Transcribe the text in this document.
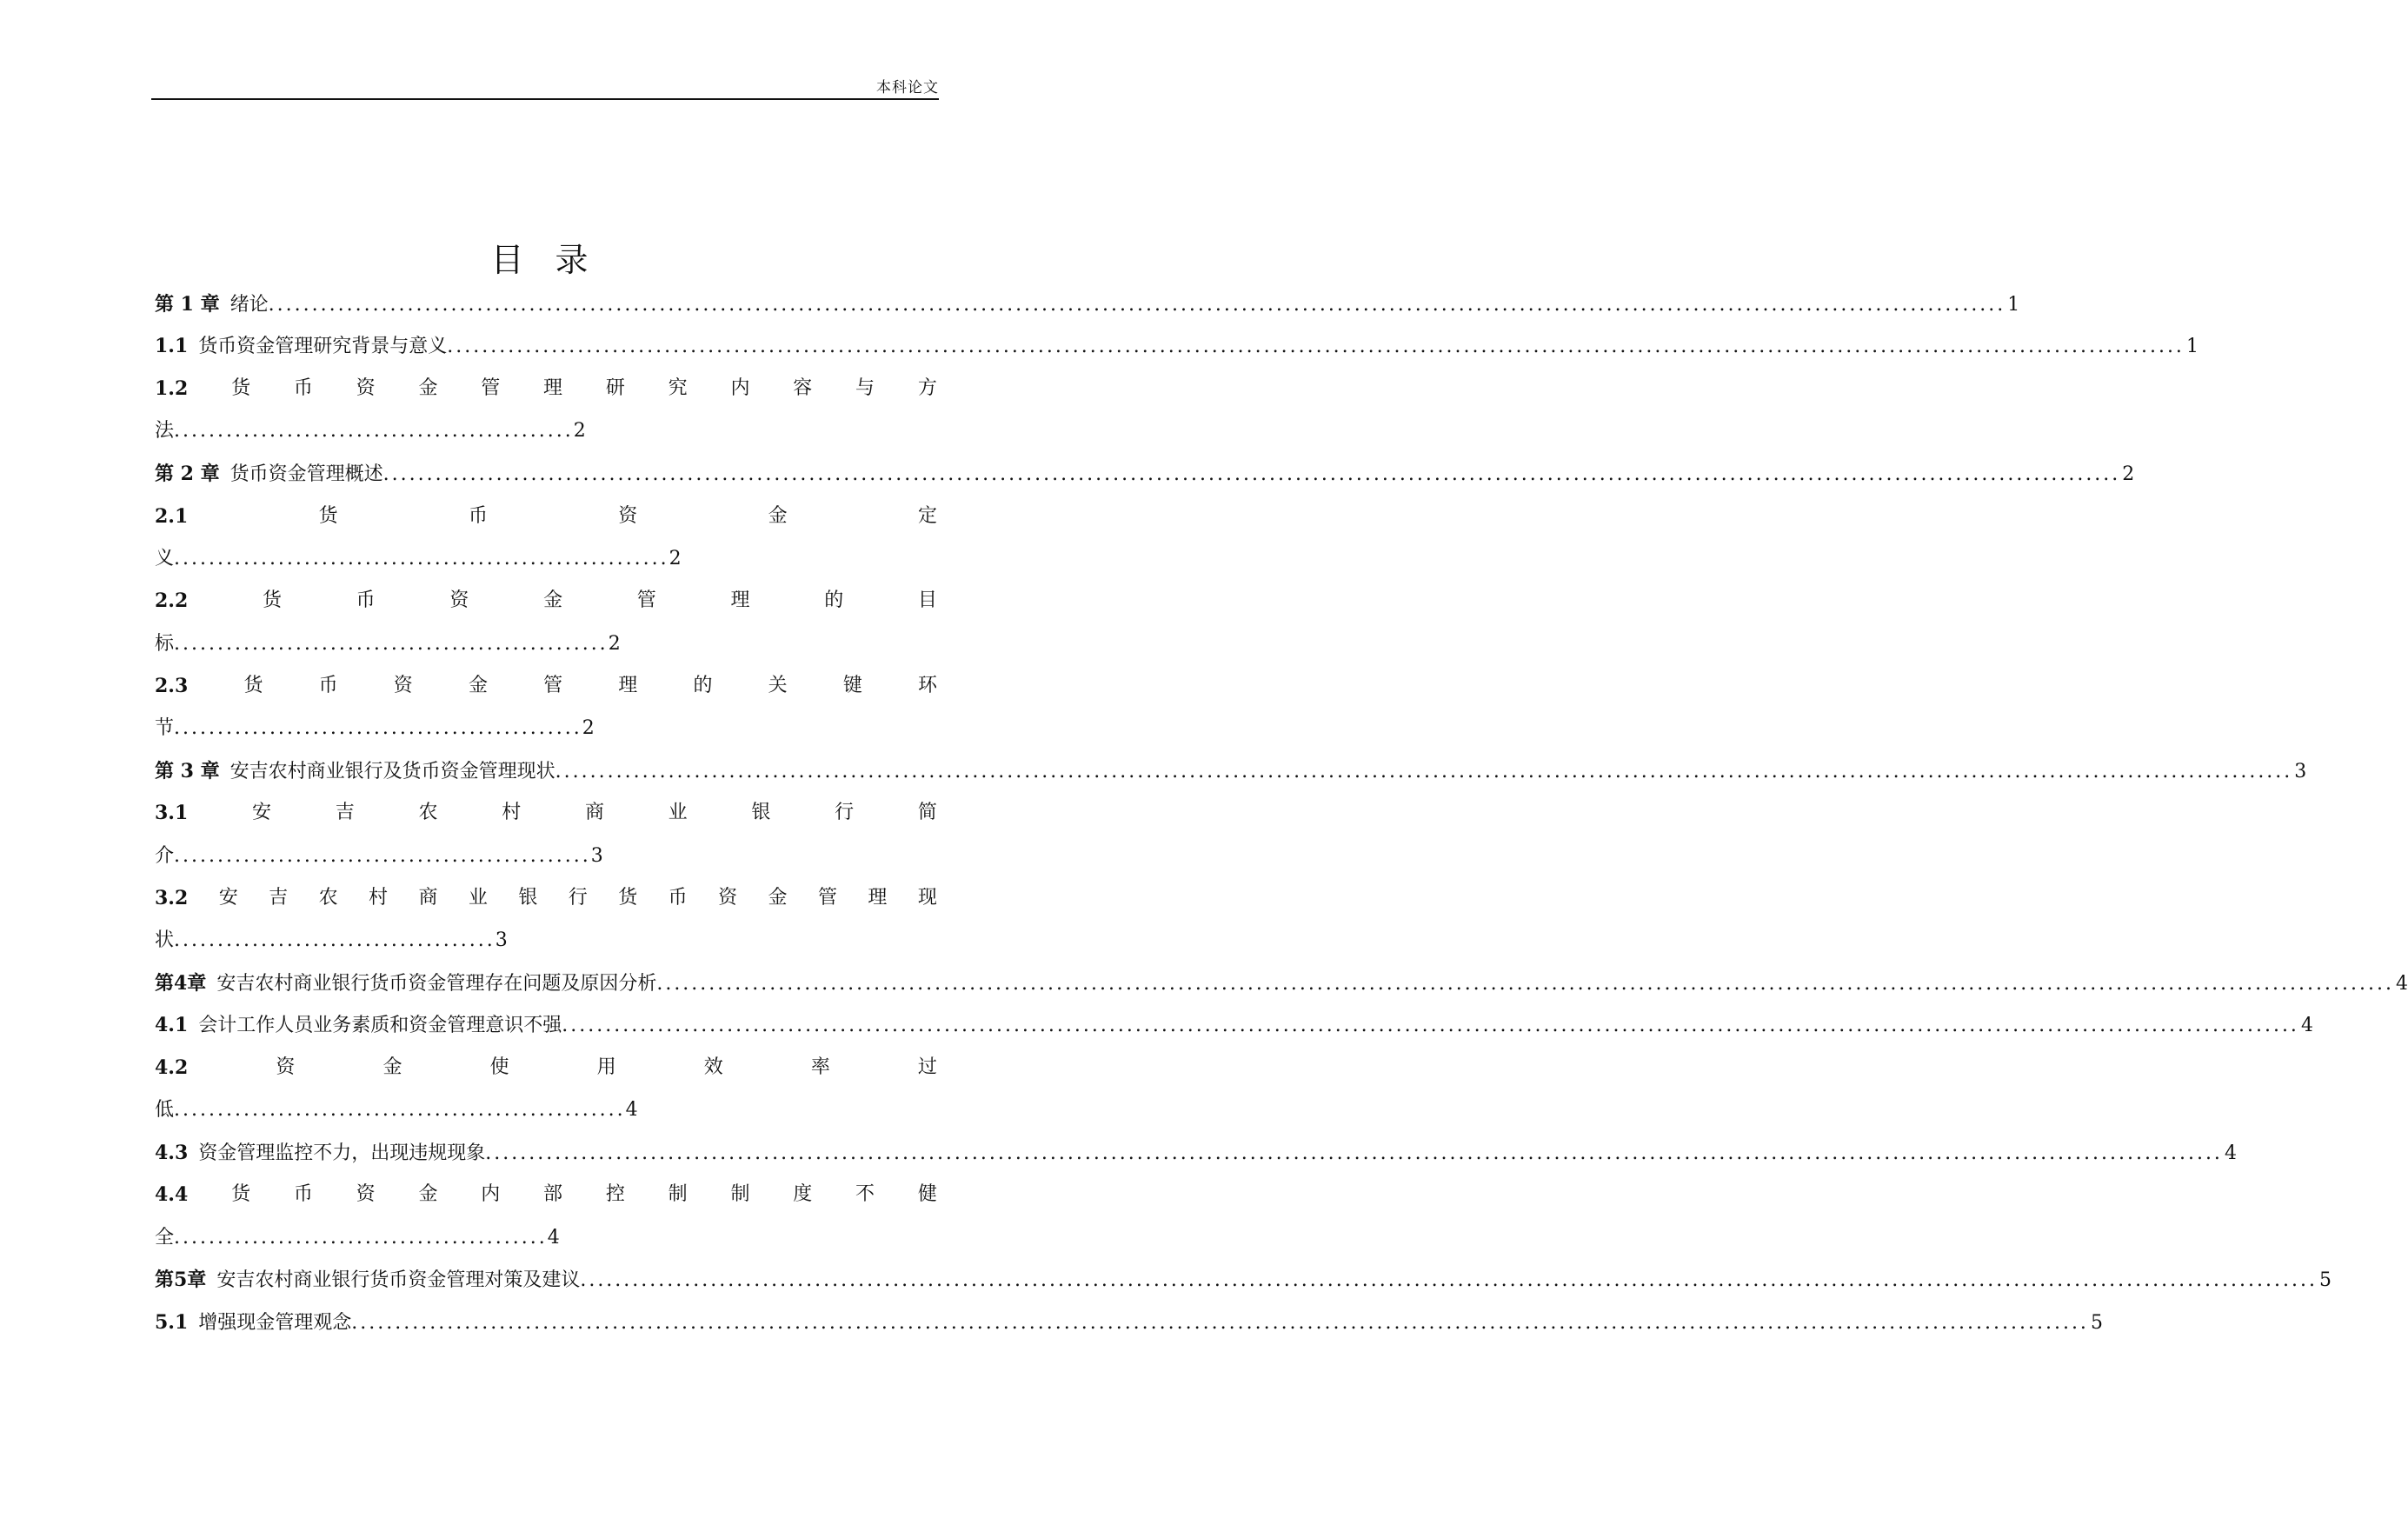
本科论文
目录
第 1 章 绪论 ........................................................................................................................................................................................................ 1
1.1 货币资金管理研究背景与意义 ........................................................................................................................................................................................................ 1
1.2 货 币 资 金 管 理 研 究 内 容 与 方
法..............................................2
第 2 章 货币资金管理概述 ........................................................................................................................................................................................................ 2
2.1	货	币	资	金	定
义.........................................................2
2.2	货	币	资	金	管	理	的	目
标..................................................2
2.3	货	币	资	金	管	理	的	关	键	环
节...............................................2
第 3 章 安吉农村商业银行及货币资金管理现状 ........................................................................................................................................................................................................ 3
3.1	安	吉	农	村	商	业	银	行	简
介................................................3
3.2 安 吉 农 村 商 业 银 行 货 币 资 金 管 理 现
状.....................................3
第4章 安吉农村商业银行货币资金管理存在问题及原因分析 ........................................................................................................................................................................................................ 4
4.1 会计工作人员业务素质和资金管理意识不强 ........................................................................................................................................................................................................ 4
4.2	资	金	使	用	效	率	过
低....................................................4
4.3 资金管理监控不力，出现违规现象 ........................................................................................................................................................................................................ 4
4.4 货 币 资 金 内 部 控 制 制 度 不 健
全...........................................4
第5章 安吉农村商业银行货币资金管理对策及建议 ........................................................................................................................................................................................................ 5
5.1 增强现金管理观念 ........................................................................................................................................................................................................ 5
